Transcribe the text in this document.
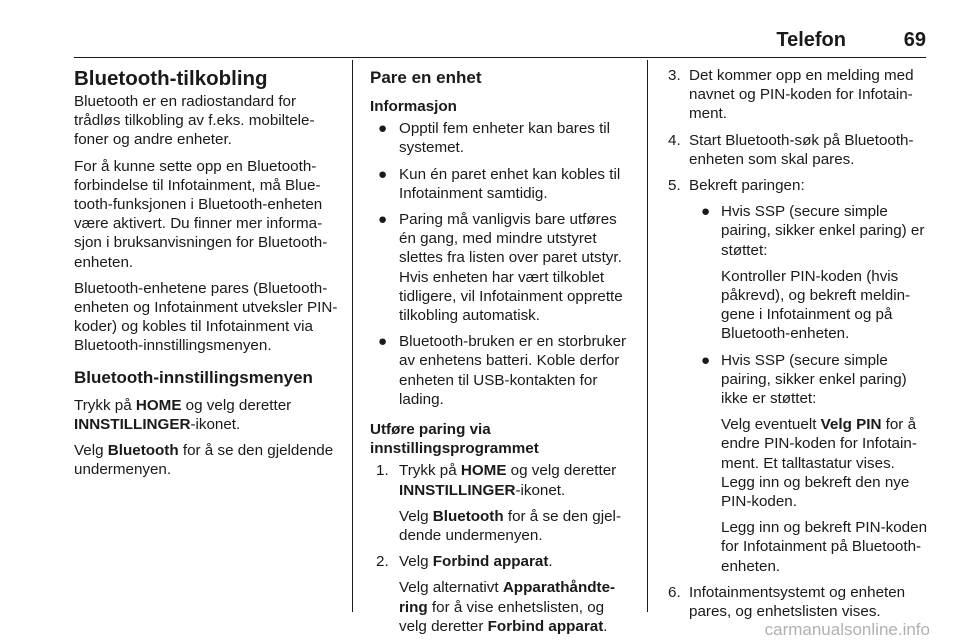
Telefon	69
Bluetooth-tilkobling

Bluetooth er en radiostandard for trådløs tilkobling av f.eks. mobiltelefoner og andre enheter.

For å kunne sette opp en Bluetooth-forbindelse til Infotainment, må Bluetooth-funksjonen i Bluetooth-enheten være aktivert. Du finner mer informasjon i bruksanvisningen for Bluetooth-enheten.

Bluetooth-enhetene pares (Bluetooth-enheten og Infotainment utveksler PIN-koder) og kobles til Infotainment via Bluetooth-innstillingsmenyen.

Bluetooth-innstillingsmenyen

Trykk på HOME og velg deretter INNSTILLINGER-ikonet.

Velg Bluetooth for å se den gjeldende undermenyen.

Pare en enhet
Informasjon
● Opptil fem enheter kan bares til systemet.
● Kun én paret enhet kan kobles til Infotainment samtidig.
● Paring må vanligvis bare utføres én gang, med mindre utstyret slettes fra listen over paret utstyr. Hvis enheten har vært tilkoblet tidligere, vil Infotainment opprette tilkobling automatisk.
● Bluetooth-bruken er en storbruker av enhetens batteri. Koble derfor enheten til USB-kontakten for lading.
Utføre paring via innstillingsprogrammet
1. Trykk på HOME og velg deretter INNSTILLINGER-ikonet.
Velg Bluetooth for å se den gjeldende undermenyen.
2. Velg Forbind apparat.
Velg alternativt Apparathåndtering for å vise enhetslisten, og velg deretter Forbind apparat.
3. Det kommer opp en melding med navnet og PIN-koden for Infotainment.
4. Start Bluetooth-søk på Bluetooth-enheten som skal pares.
5. Bekreft paringen:
● Hvis SSP (secure simple pairing, sikker enkel paring) er støttet:
Kontroller PIN-koden (hvis påkrevd), og bekreft meldingene i Infotainment og på Bluetooth-enheten.
● Hvis SSP (secure simple pairing, sikker enkel paring) ikke er støttet:
Velg eventuelt Velg PIN for å endre PIN-koden for Infotainment. Et talltastatur vises. Legg inn og bekreft den nye PIN-koden.
Legg inn og bekreft PIN-koden for Infotainment på Bluetooth-enheten.
6. Infotainmentsystemt og enheten pares, og enhetslisten vises.
carmanualsonline.info
